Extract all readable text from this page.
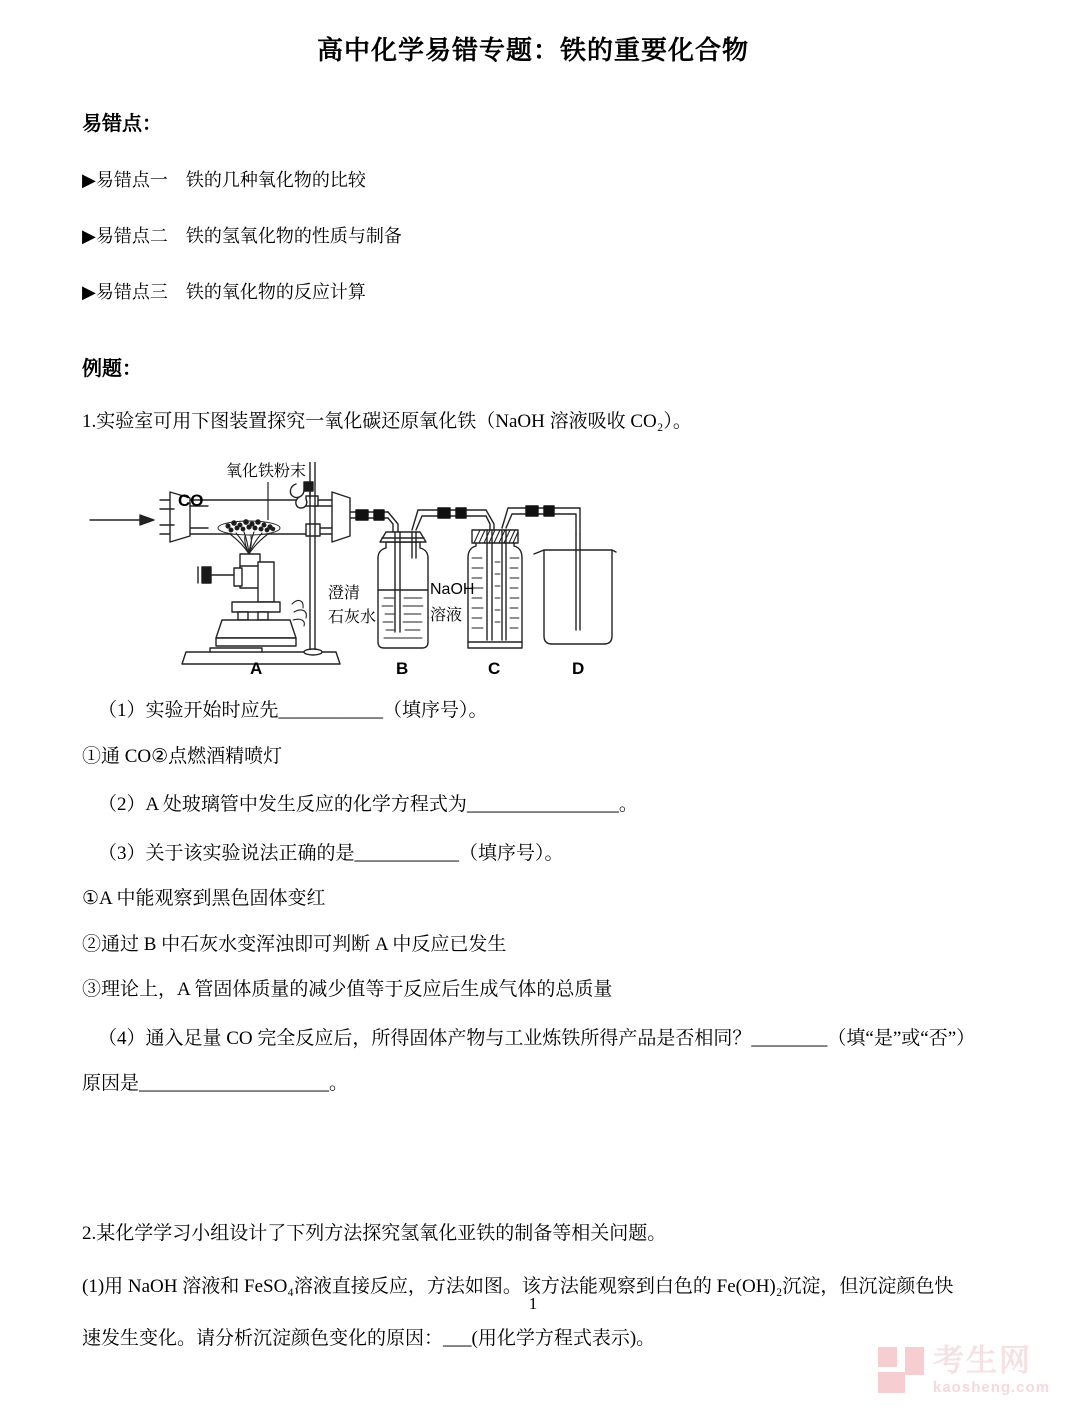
高中化学易错专题：铁的重要化合物
易错点：
▶易错点一　铁的几种氧化物的比较
▶易错点二　铁的氢氧化物的性质与制备
▶易错点三　铁的氧化物的反应计算
例题：
1.实验室可用下图装置探究一氧化碳还原氧化铁（NaOH 溶液吸收 CO₂）。
CO
氧化铁粉末
澄清
石灰水
NaOH
溶液
A	B	C	D
（1）实验开始时应先___________（填序号）。
①通 CO②点燃酒精喷灯
（2）A 处玻璃管中发生反应的化学方程式为________________。
（3）关于该实验说法正确的是___________（填序号）。
①A 中能观察到黑色固体变红
②通过 B 中石灰水变浑浊即可判断 A 中反应已发生
③理论上，A 管固体质量的减少值等于反应后生成气体的总质量
（4）通入足量 CO 完全反应后，所得固体产物与工业炼铁所得产品是否相同？________（填“是”或“否”）
原因是____________________。
2.某化学学习小组设计了下列方法探究氢氧化亚铁的制备等相关问题。
(1)用 NaOH 溶液和 FeSO₄溶液直接反应，方法如图。该方法能观察到白色的 Fe(OH)₂沉淀，但沉淀颜色快
速发生变化。请分析沉淀颜色变化的原因：___(用化学方程式表示)。
1
考生网
kaosheng.com
